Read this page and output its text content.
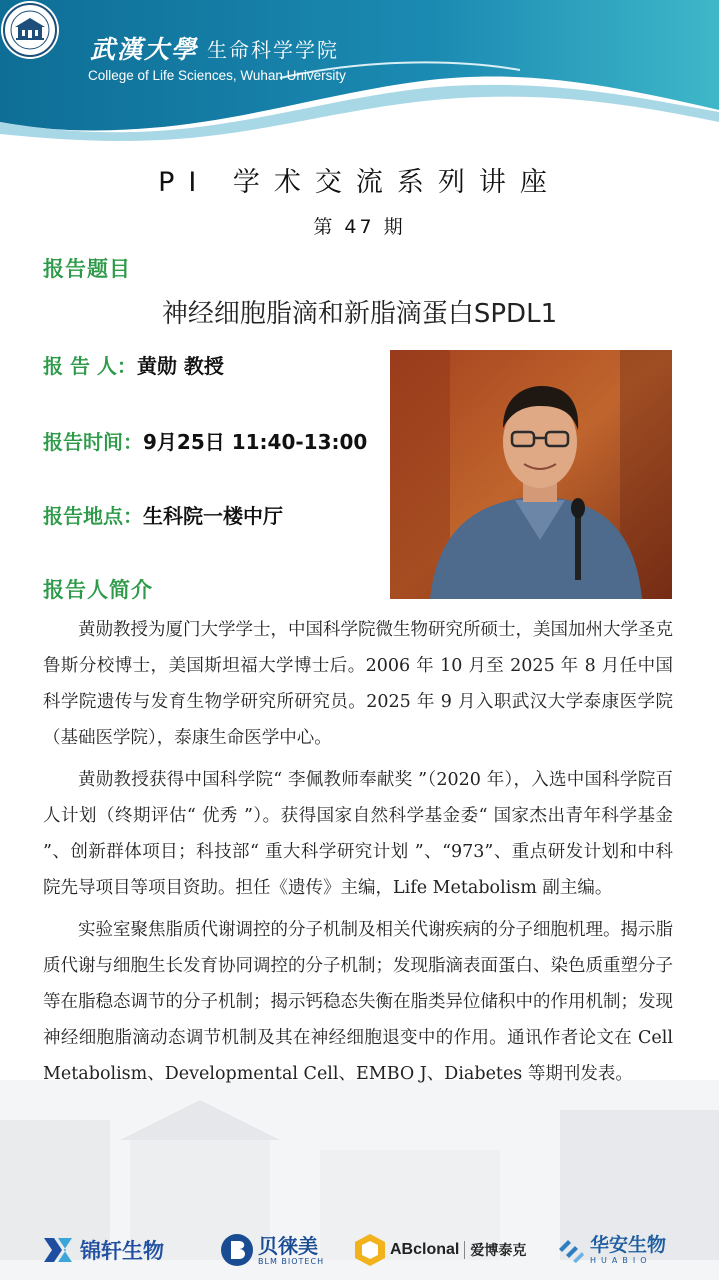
武漢大學 生命科学学院
College of Life Sciences, Wuhan University
PI 学术交流系列讲座
第 47 期
报告题目
神经细胞脂滴和新脂滴蛋白SPDL1
报 告 人：黄勋 教授
报告时间：9月25日 11:40-13:00
报告地点：生科院一楼中厅
报告人简介

黄勋教授为厦门大学学士，中国科学院微生物研究所硕士，美国加州大学圣克鲁斯分校博士，美国斯坦福大学博士后。2006 年 10 月至 2025 年 8 月任中国科学院遗传与发育生物学研究所研究员。2025 年 9 月入职武汉大学泰康医学院（基础医学院），泰康生命医学中心。

黄勋教授获得中国科学院“ 李佩教师奉献奖 ”（2020 年），入选中国科学院百人计划（终期评估“ 优秀 ”）。获得国家自然科学基金委“ 国家杰出青年科学基金 ”、创新群体项目；科技部“ 重大科学研究计划 ”、“973”、重点研发计划和中科院先导项目等项目资助。担任《遗传》主编，Life Metabolism 副主编。

实验室聚焦脂质代谢调控的分子机制及相关代谢疾病的分子细胞机理。揭示脂质代谢与细胞生长发育协同调控的分子机制；发现脂滴表面蛋白、染色质重塑分子等在脂稳态调节的分子机制；揭示钙稳态失衡在脂类异位储积中的作用机制；发现神经细胞脂滴动态调节机制及其在神经细胞退变中的作用。通讯作者论文在 Cell Metabolism、Developmental Cell、EMBO J、Diabetes 等期刊发表。

锦轩生物	贝徕美
BLM BIOTECH
ABclonal 爱博泰克	华安生物
HUABIO
